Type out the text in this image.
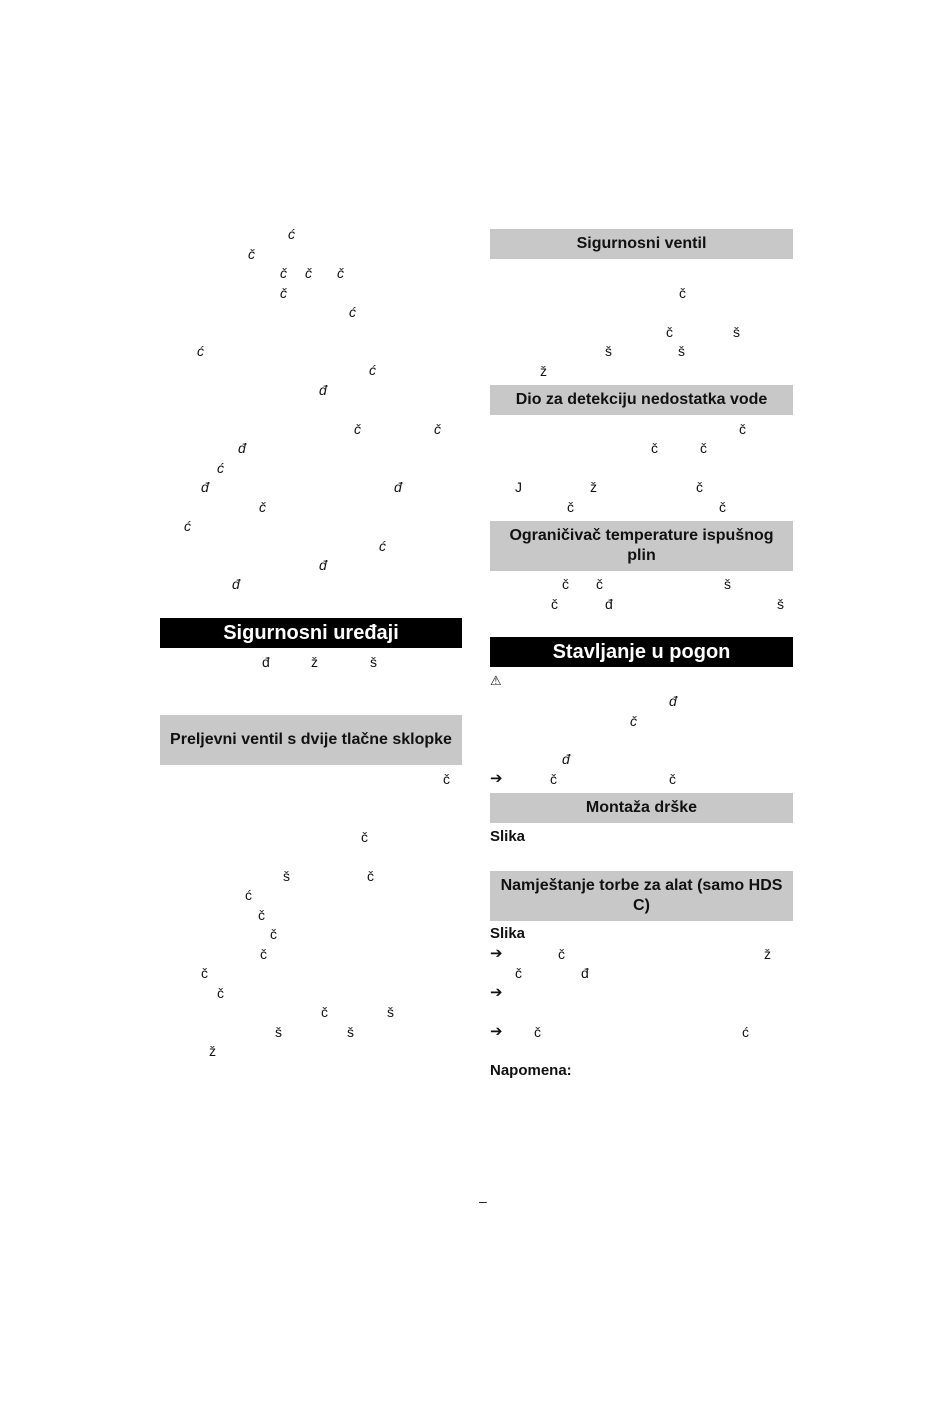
ć
č
č č č
č
ć
ć
ć
đ
č	č
đ
ć
đ	đ
č
ć
ć
đ
đ
Sigurnosni uređaji
đ	ž	š
Preljevni ventil s dvije tlačne sklopke
č
č
š	č
ć
č
č
č
č
č
č	š
š	š
ž
Sigurnosni ventil
č
č	š
š	š
ž
Dio za detekciju nedostatka vode
č
č	č
J	ž	č
č	č
Ograničivač temperature ispušnog plin
č č	š
č	đ	š
Stavljanje u pogon
⚠
đ
č
đ
➔	č	č
Montaža drške
Slika
Namještanje torbe za alat (samo HDS C)
Slika
➔	č	ž
č	đ
➔
➔ č	ć
Napomena:
–
